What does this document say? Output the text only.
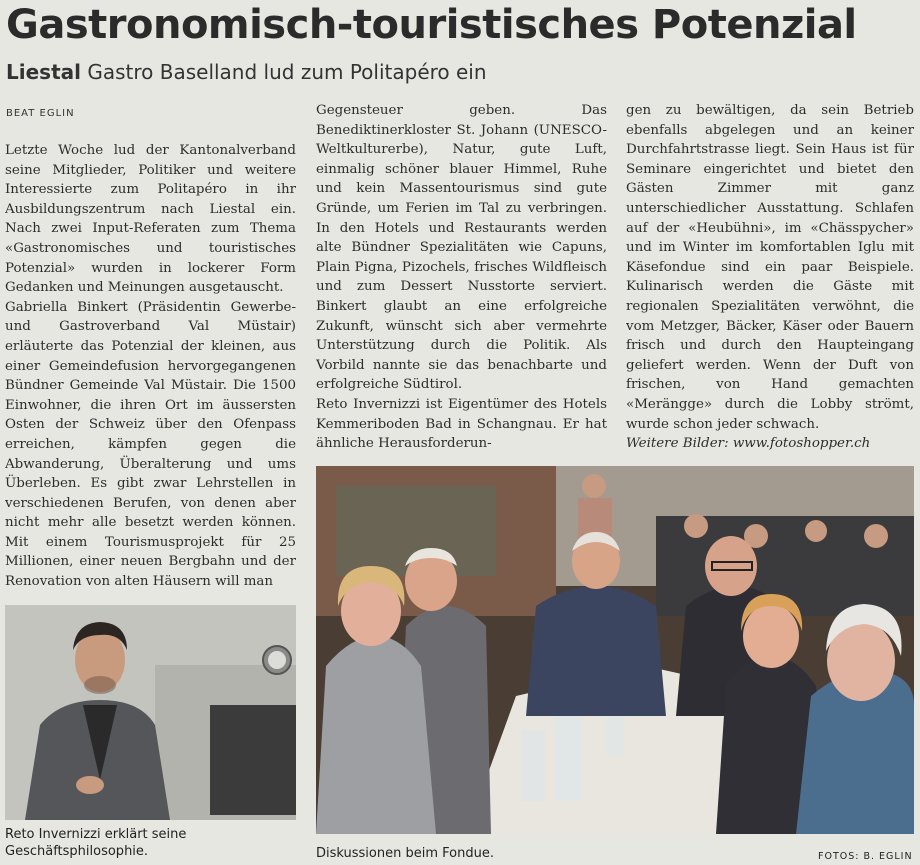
Gastronomisch-touristisches Potenzial
Liestal Gastro Baselland lud zum Politapéro ein
BEAT EGLIN

Letzte Woche lud der Kantonalverband seine Mitglieder, Politiker und weitere Interessierte zum Politapéro in ihr Ausbildungszentrum nach Liestal ein. Nach zwei Input-Referaten zum Thema «Gastronomisches und touristisches Potenzial» wurden in lockerer Form Gedanken und Meinungen ausgetauscht.

Gabriella Binkert (Präsidentin Gewerbe- und Gastroverband Val Müstair) erläuterte das Potenzial der kleinen, aus einer Gemeindefusion hervorgegangenen Bündner Gemeinde Val Müstair. Die 1500 Einwohner, die ihren Ort im äussersten Osten der Schweiz über den Ofenpass erreichen, kämpfen gegen die Abwanderung, Überalterung und ums Überleben. Es gibt zwar Lehrstellen in verschiedenen Berufen, von denen aber nicht mehr alle besetzt werden können. Mit einem Tourismusprojekt für 25 Millionen, einer neuen Bergbahn und der Renovation von alten Häusern will man

Gegensteuer geben. Das Benediktinerkloster St. Johann (UNESCO-Weltkulturerbe), Natur, gute Luft, einmalig schöner blauer Himmel, Ruhe und kein Massentourismus sind gute Gründe, um Ferien im Tal zu verbringen. In den Hotels und Restaurants werden alte Bündner Spezialitäten wie Capuns, Plain Pigna, Pizochels, frisches Wildfleisch und zum Dessert Nusstorte serviert. Binkert glaubt an eine erfolgreiche Zukunft, wünscht sich aber vermehrte Unterstützung durch die Politik. Als Vorbild nannte sie das benachbarte und erfolgreiche Südtirol.

Reto Invernizzi ist Eigentümer des Hotels Kemmeriboden Bad in Schangnau. Er hat ähnliche Herausforderun-

gen zu bewältigen, da sein Betrieb ebenfalls abgelegen und an keiner Durchfahrtstrasse liegt. Sein Haus ist für Seminare eingerichtet und bietet den Gästen Zimmer mit ganz unterschiedlicher Ausstattung. Schlafen auf der «Heubühni», im «Chässpycher» und im Winter im komfortablen Iglu mit Käsefondue sind ein paar Beispiele. Kulinarisch werden die Gäste mit regionalen Spezialitäten verwöhnt, die vom Metzger, Bäcker, Käser oder Bauern frisch und durch den Haupteingang geliefert werden. Wenn der Duft von frischen, von Hand gemachten «Merängge» durch die Lobby strömt, wurde schon jeder schwach.

Weitere Bilder: www.fotoshopper.ch

Reto Invernizzi erklärt seine Geschäftsphilosophie.	Diskussionen beim Fondue.	FOTOS: B. EGLIN
